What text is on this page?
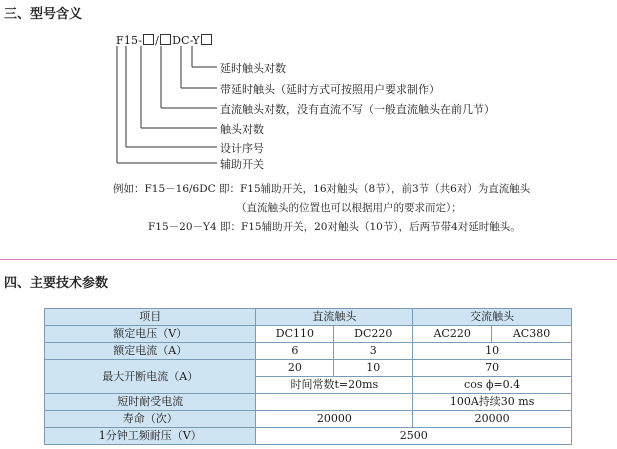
三、型号含义
F15- / DC-Y
延时触头对数
带延时触头（延时方式可按照用户要求制作）
直流触头对数，没有直流不写（一般直流触头在前几节）
触头对数
设计序号
辅助开关
例如：F15－16/6DC 即：F15辅助开关，16对触头（8节），前3节（共6对）为直流触头
（直流触头的位置也可以根据用户的要求而定）；
F15－20－Y4 即：F15辅助开关，20对触头（10节），后两节带4对延时触头。
四、主要技术参数
项目	直流触头		交流触头	
额定电压（V）	DC110	DC220	AC220	AC380
额定电流（A）	6	3	10	
最大开断电流（A）	20	10	70	
	时间常数t=20ms		cos ϕ=0.4	
短时耐受电流			100A持续30 ms	
寿命（次）	20000		20000	
1分钟工频耐压（V）	2500			
